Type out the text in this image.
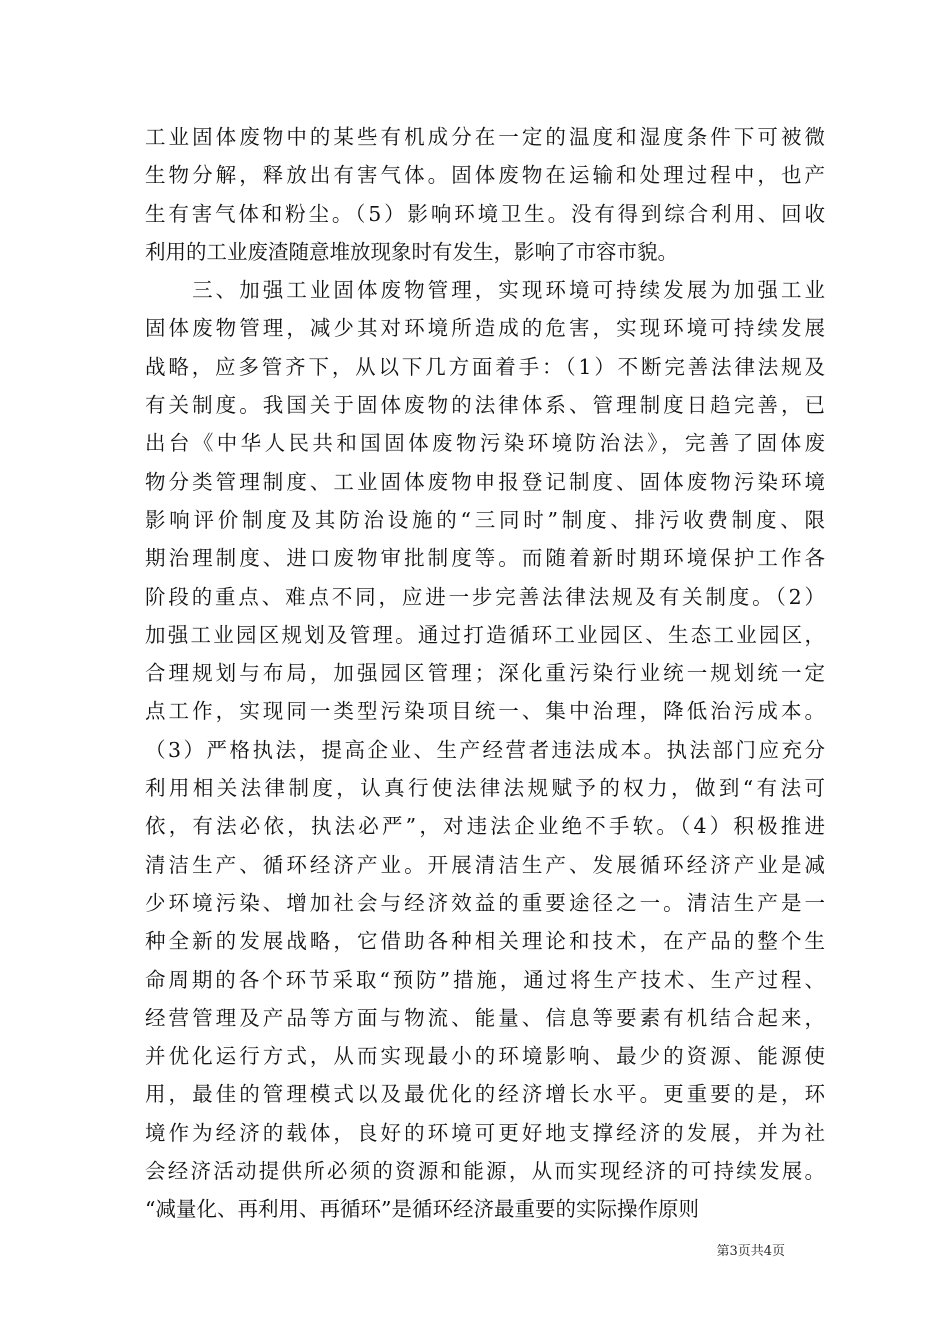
工业固体废物中的某些有机成分在一定的温度和湿度条件下可被微
生物分解，释放出有害气体。固体废物在运输和处理过程中，也产
生有害气体和粉尘。（5）影响环境卫生。没有得到综合利用、回收
利用的工业废渣随意堆放现象时有发生，影响了市容市貌。
　　三、加强工业固体废物管理，实现环境可持续发展为加强工业
固体废物管理，减少其对环境所造成的危害，实现环境可持续发展
战略，应多管齐下，从以下几方面着手：（1）不断完善法律法规及
有关制度。我国关于固体废物的法律体系、管理制度日趋完善，已
出台《中华人民共和国固体废物污染环境防治法》，完善了固体废
物分类管理制度、工业固体废物申报登记制度、固体废物污染环境
影响评价制度及其防治设施的“三同时”制度、排污收费制度、限
期治理制度、进口废物审批制度等。而随着新时期环境保护工作各
阶段的重点、难点不同，应进一步完善法律法规及有关制度。（2）
加强工业园区规划及管理。通过打造循环工业园区、生态工业园区，
合理规划与布局，加强园区管理；深化重污染行业统一规划统一定
点工作，实现同一类型污染项目统一、集中治理，降低治污成本。
（3）严格执法，提高企业、生产经营者违法成本。执法部门应充分
利用相关法律制度，认真行使法律法规赋予的权力，做到“有法可
依，有法必依，执法必严”，对违法企业绝不手软。（4）积极推进
清洁生产、循环经济产业。开展清洁生产、发展循环经济产业是减
少环境污染、增加社会与经济效益的重要途径之一。清洁生产是一
种全新的发展战略，它借助各种相关理论和技术，在产品的整个生
命周期的各个环节采取“预防”措施，通过将生产技术、生产过程、
经营管理及产品等方面与物流、能量、信息等要素有机结合起来，
并优化运行方式，从而实现最小的环境影响、最少的资源、能源使
用，最佳的管理模式以及最优化的经济增长水平。更重要的是，环
境作为经济的载体，良好的环境可更好地支撑经济的发展，并为社
会经济活动提供所必须的资源和能源，从而实现经济的可持续发展。
“减量化、再利用、再循环”是循环经济最重要的实际操作原则
第3页共4页
